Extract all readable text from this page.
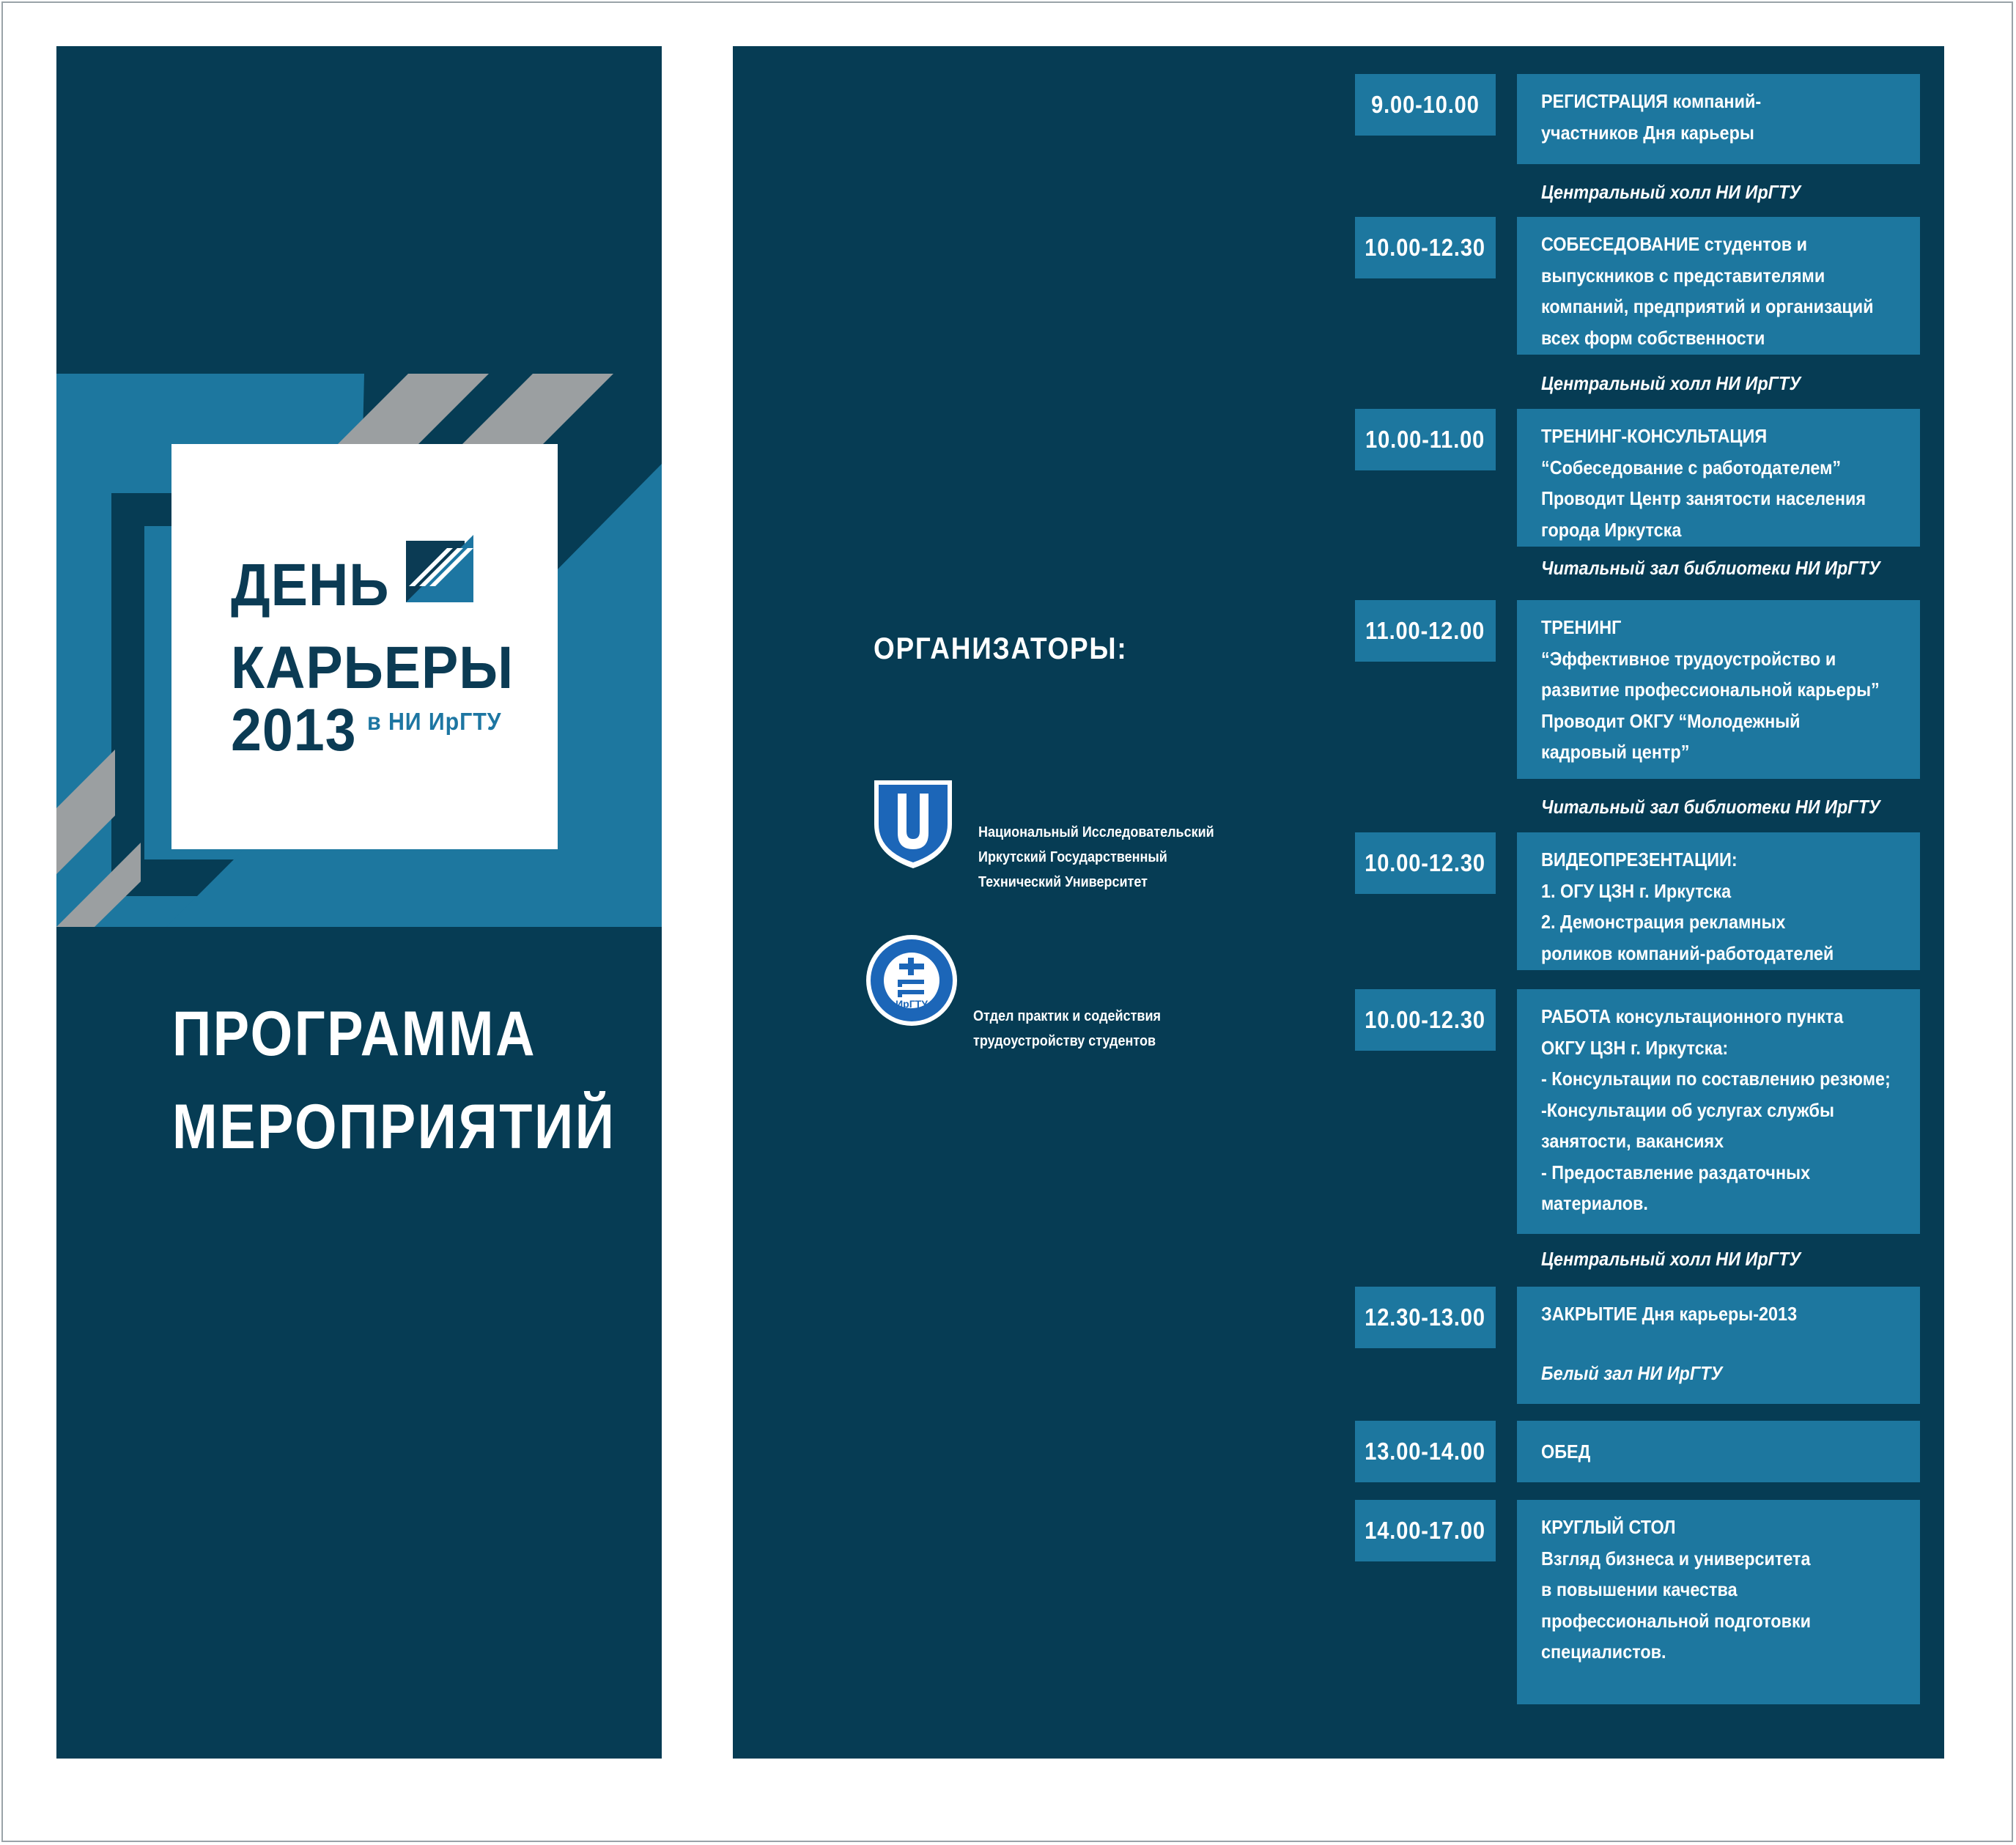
ДЕНЬ
КАРЬЕРЫ
2013 в НИ ИрГТУ
ПРОГРАММА
МЕРОПРИЯТИЙ
ОРГАНИЗАТОРЫ:
Национальный Исследовательский
Иркутский Государственный
Технический Университет
ИрГТУ
Отдел практик и содействия
трудоустройству студентов
9.00-10.00	РЕГИСТРАЦИЯ компаний-
участников Дня карьеры
Центральный холл НИ ИрГТУ
10.00-12.30	СОБЕСЕДОВАНИЕ студентов и
выпускников с представителями
компаний, предприятий и организаций
всех форм собственности
Центральный холл НИ ИрГТУ
10.00-11.00	ТРЕНИНГ-КОНСУЛЬТАЦИЯ
“Собеседование с работодателем”
Проводит Центр занятости населения
города Иркутска
Читальный зал библиотеки НИ ИрГТУ
11.00-12.00	ТРЕНИНГ
“Эффективное трудоустройство и
развитие профессиональной карьеры”
Проводит ОКГУ “Молодежный
кадровый центр”
Читальный зал библиотеки НИ ИрГТУ
10.00-12.30	ВИДЕОПРЕЗЕНТАЦИИ:
1. ОГУ ЦЗН г. Иркутска
2. Демонстрация рекламных
роликов компаний-работодателей
10.00-12.30	РАБОТА консультационного пункта
ОКГУ ЦЗН г. Иркутска:
- Консультации по составлению резюме;
-Консультации об услугах службы
занятости, вакансиях
- Предоставление раздаточных
материалов.
Центральный холл НИ ИрГТУ
12.30-13.00	ЗАКРЫТИЕ Дня карьеры-2013
Белый зал НИ ИрГТУ
13.00-14.00	ОБЕД
14.00-17.00	КРУГЛЫЙ СТОЛ
Взгляд бизнеса и университета
в повышении качества
профессиональной подготовки
специалистов.
